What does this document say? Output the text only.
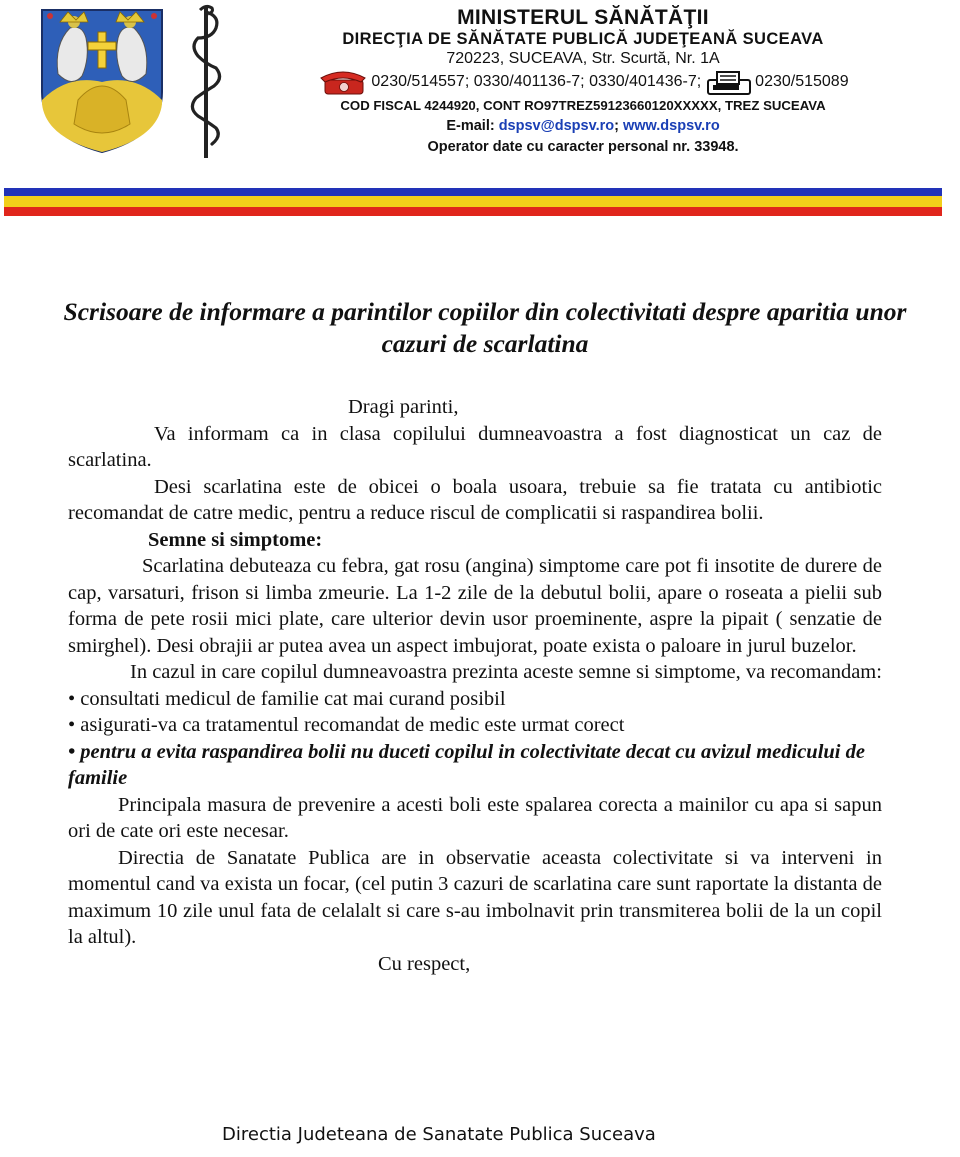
MINISTERUL SĂNĂTĂŢII
DIRECŢIA DE SĂNĂTATE PUBLICĂ JUDEŢEANĂ SUCEAVA
720223, SUCEAVA, Str. Scurtă, Nr. 1A
0230/514557; 0330/401136-7; 0330/401436-7;	0230/515089
COD FISCAL 4244920, CONT RO97TREZ59123660120XXXXX, TREZ SUCEAVA
E-mail: dspsv@dspsv.ro; www.dspsv.ro
Operator date cu caracter personal nr. 33948.
Scrisoare de informare a parintilor copiilor din colectivitati despre aparitia unor cazuri de scarlatina

Dragi parinti,

Va informam ca in clasa copilului dumneavoastra a fost diagnosticat un caz de scarlatina.

Desi scarlatina este de obicei o boala usoara, trebuie sa fie tratata cu antibiotic recomandat de catre medic, pentru a reduce riscul de complicatii si raspandirea bolii.

Semne si simptome:

Scarlatina debuteaza cu febra, gat rosu (angina) simptome care pot fi insotite de durere de cap, varsaturi, frison si limba zmeurie. La 1-2 zile de la debutul bolii, apare o roseata a pielii sub forma de pete rosii mici plate, care ulterior devin usor proeminente, aspre la pipait ( senzatie de smirghel). Desi obrajii ar putea avea un aspect imbujorat, poate exista o paloare in jurul buzelor.

In cazul in care copilul dumneavoastra prezinta aceste semne si simptome, va recomandam:

• consultati medicul de familie cat mai curand posibil

• asigurati-va ca tratamentul recomandat de medic este urmat corect

• pentru a evita raspandirea bolii nu duceti copilul in colectivitate decat cu avizul medicului de familie

Principala masura de prevenire a acesti boli este spalarea corecta a mainilor cu apa si sapun ori de cate ori este necesar.

Directia de Sanatate Publica are in observatie aceasta colectivitate si va interveni in momentul cand va exista un focar, (cel putin 3 cazuri de scarlatina care sunt raportate la distanta de maximum 10 zile unul fata de celalalt si care s-au imbolnavit prin transmiterea bolii de la un copil la altul).

Cu respect,

Directia Judeteana de Sanatate Publica Suceava
